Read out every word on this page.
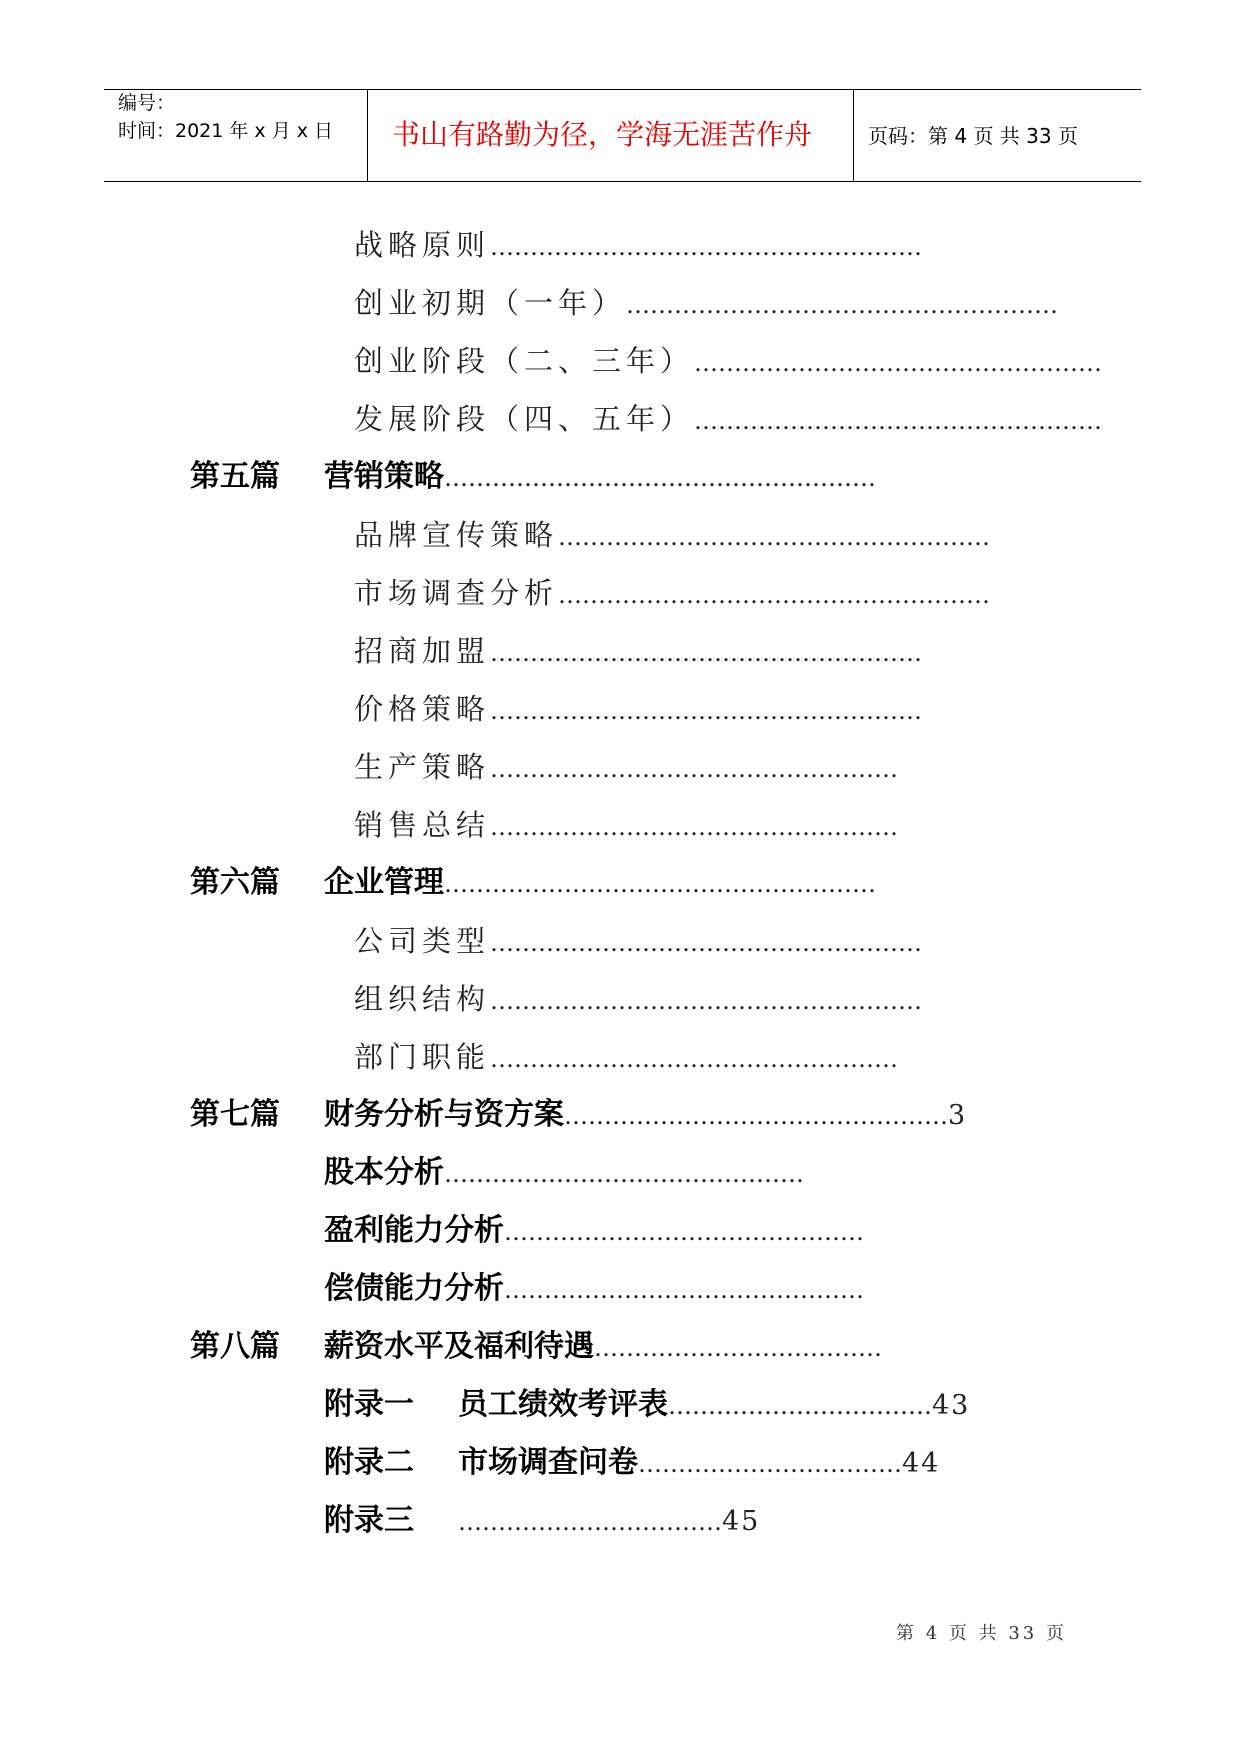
编号：
时间：2021 年 x 月 x 日 书山有路勤为径，学海无涯苦作舟	页码：第 4 页 共 33 页
战略原则………………………………………………
创业初期（一年）………………………………………………
创业阶段（二、三年）……………………………………………
发展阶段（四、五年）……………………………………………
第五篇 营销策略………………………………………………
品牌宣传策略………………………………………………
市场调查分析………………………………………………
招商加盟………………………………………………
价格策略………………………………………………
生产策略……………………………………………
销售总结……………………………………………
第六篇 企业管理………………………………………………
公司类型………………………………………………
组织结构………………………………………………
部门职能……………………………………………
第七篇 财务分析与资方案…………………………………………3
股本分析………………………………………
盈利能力分析………………………………………
偿债能力分析………………………………………
第八篇 薪资水平及福利待遇………………………………
附录一 员工绩效考评表……………………………43
附录二 市场调查问卷……………………………44
附录三 ……………………………45
第 4 页 共 33 页
